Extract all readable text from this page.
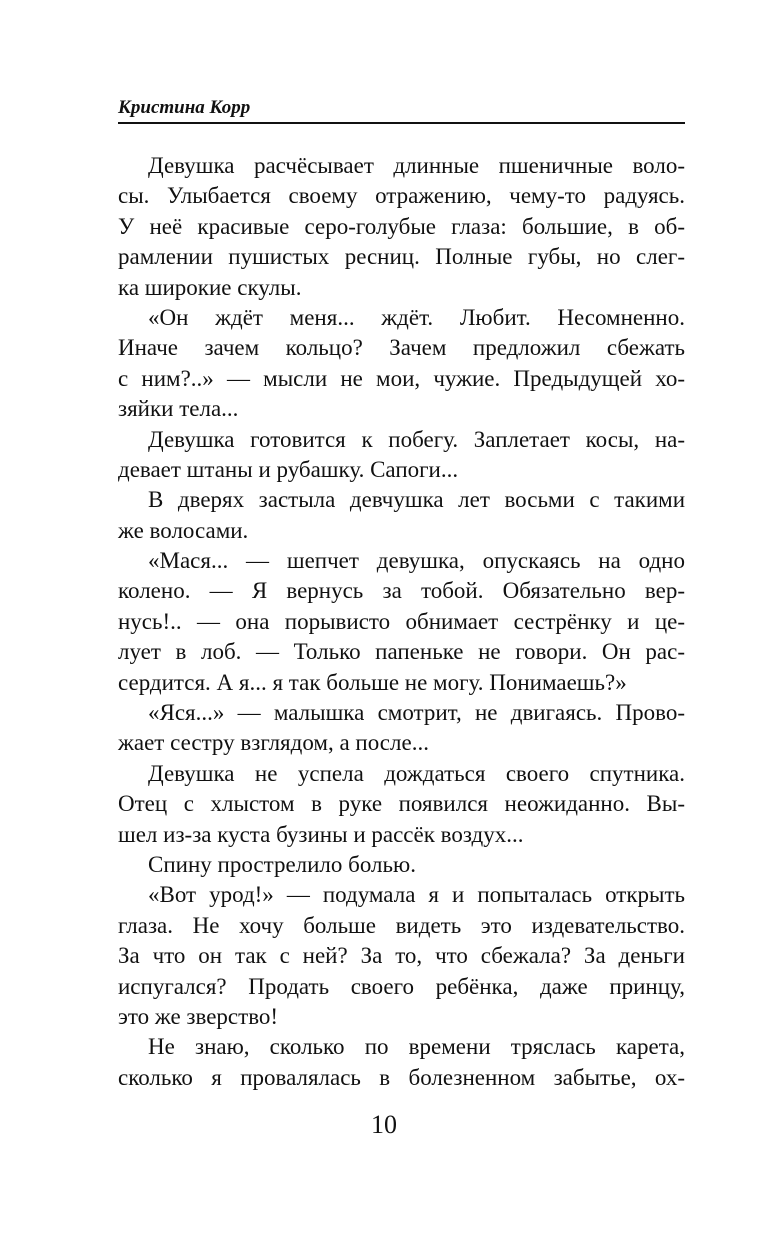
Кристина Корр
Девушка расчёсывает длинные пшеничные воло-
сы. Улыбается своему отражению, чему-то радуясь.
У неё красивые серо-голубые глаза: большие, в об-
рамлении пушистых ресниц. Полные губы, но слег-
ка широкие скулы.
«Он ждёт меня... ждёт. Любит. Несомненно.
Иначе зачем кольцо? Зачем предложил сбежать
с ним?..» — мысли не мои, чужие. Предыдущей хо-
зяйки тела...
Девушка готовится к побегу. Заплетает косы, на-
девает штаны и рубашку. Сапоги...
В дверях застыла девчушка лет восьми с такими
же волосами.
«Мася... — шепчет девушка, опускаясь на одно
колено. — Я вернусь за тобой. Обязательно вер-
нусь!.. — она порывисто обнимает сестрёнку и це-
лует в лоб. — Только папеньке не говори. Он рас-
сердится. А я... я так больше не могу. Понимаешь?»
«Яся...» — малышка смотрит, не двигаясь. Прово-
жает сестру взглядом, а после...
Девушка не успела дождаться своего спутника.
Отец с хлыстом в руке появился неожиданно. Вы-
шел из-за куста бузины и рассёк воздух...
Спину прострелило болью.
«Вот урод!» — подумала я и попыталась открыть
глаза. Не хочу больше видеть это издевательство.
За что он так с ней? За то, что сбежала? За деньги
испугался? Продать своего ребёнка, даже принцу,
это же зверство!
Не знаю, сколько по времени тряслась карета,
сколько я провалялась в болезненном забытье, ох-
10
